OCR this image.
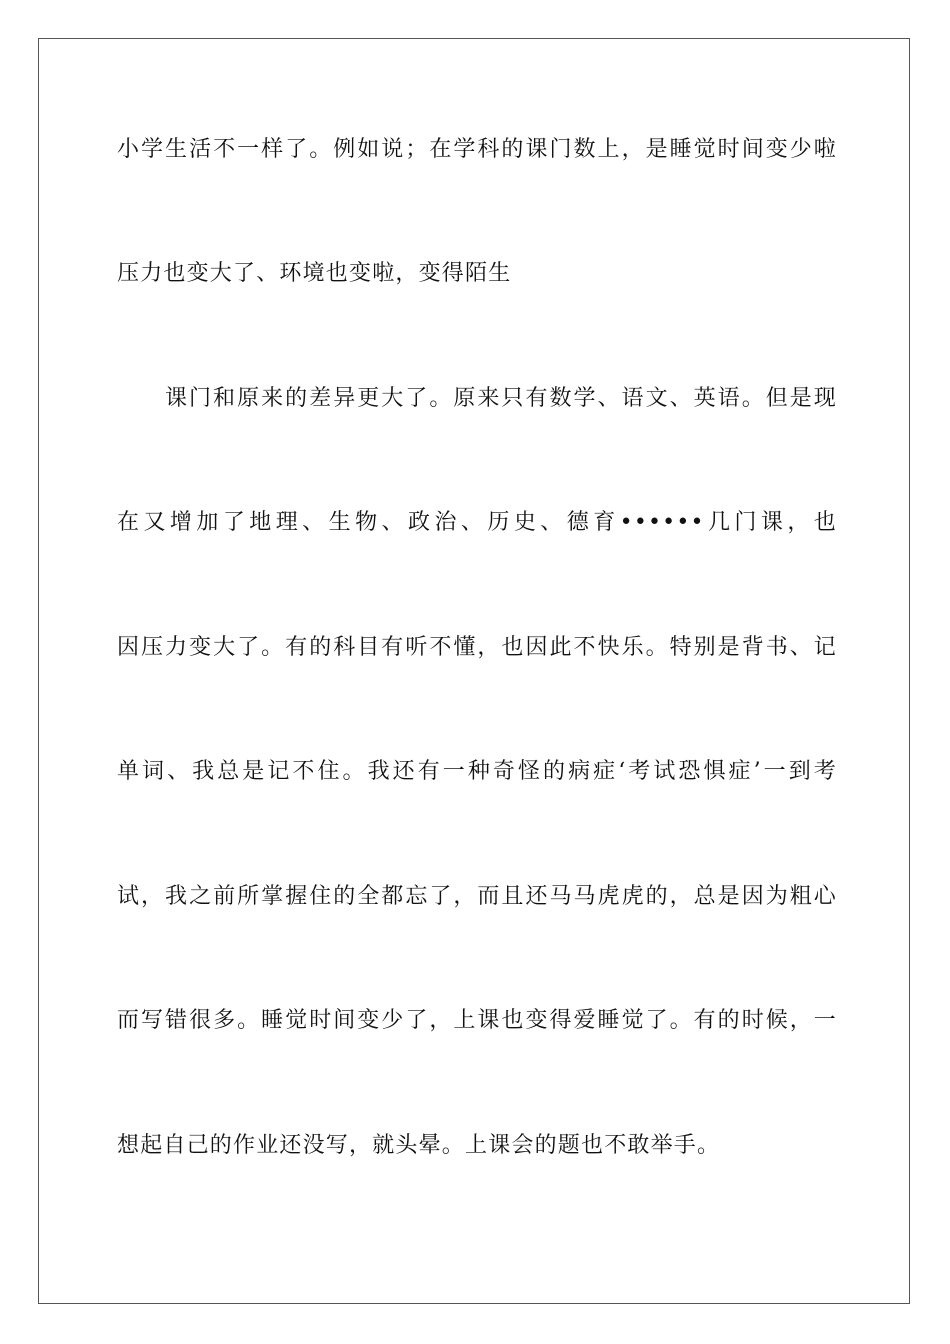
小学生活不一样了。例如说；在学科的课门数上，是睡觉时间变少啦
压力也变大了、环境也变啦，变得陌生
课门和原来的差异更大了。原来只有数学、语文、英语。但是现
在又增加了地理、生物、政治、历史、德育••••••几门课，也
因压力变大了。有的科目有听不懂，也因此不快乐。特别是背书、记
单词、我总是记不住。我还有一种奇怪的病症‘考试恐惧症’一到考
试，我之前所掌握住的全都忘了，而且还马马虎虎的，总是因为粗心
而写错很多。睡觉时间变少了，上课也变得爱睡觉了。有的时候，一
想起自己的作业还没写，就头晕。上课会的题也不敢举手。
